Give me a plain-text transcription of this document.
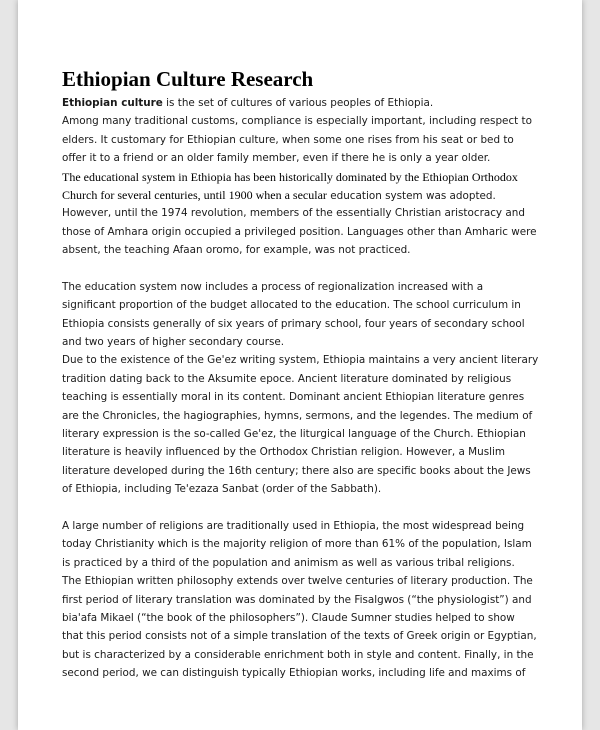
Ethiopian Culture Research
Ethiopian culture is the set of cultures of various peoples of Ethiopia.
Among many traditional customs, compliance is especially important, including respect to
elders. It customary for Ethiopian culture, when some one rises from his seat or bed to
offer it to a friend or an older family member, even if there he is only a year older.
The educational system in Ethiopia has been historically dominated by the Ethiopian Orthodox
Church for several centuries, until 1900 when a secular education system was adopted.
However, until the 1974 revolution, members of the essentially Christian aristocracy and
those of Amhara origin occupied a privileged position. Languages other than Amharic were
absent, the teaching Afaan oromo, for example, was not practiced.
The education system now includes a process of regionalization increased with a
significant proportion of the budget allocated to the education. The school curriculum in
Ethiopia consists generally of six years of primary school, four years of secondary school
and two years of higher secondary course.
Due to the existence of the Ge'ez writing system, Ethiopia maintains a very ancient literary
tradition dating back to the Aksumite epoce. Ancient literature dominated by religious
teaching is essentially moral in its content. Dominant ancient Ethiopian literature genres
are the Chronicles, the hagiographies, hymns, sermons, and the legendes. The medium of
literary expression is the so-called Ge'ez, the liturgical language of the Church. Ethiopian
literature is heavily influenced by the Orthodox Christian religion. However, a Muslim
literature developed during the 16th century; there also are specific books about the Jews
of Ethiopia, including Te'ezaza Sanbat (order of the Sabbath).
A large number of religions are traditionally used in Ethiopia, the most widespread being
today Christianity which is the majority religion of more than 61% of the population, Islam
is practiced by a third of the population and animism as well as various tribal religions.
The Ethiopian written philosophy extends over twelve centuries of literary production. The
first period of literary translation was dominated by the Fisalgwos (“the physiologist”) and
bia'afa Mikael (“the book of the philosophers”). Claude Sumner studies helped to show
that this period consists not of a simple translation of the texts of Greek origin or Egyptian,
but is characterized by a considerable enrichment both in style and content. Finally, in the
second period, we can distinguish typically Ethiopian works, including life and maxims of
